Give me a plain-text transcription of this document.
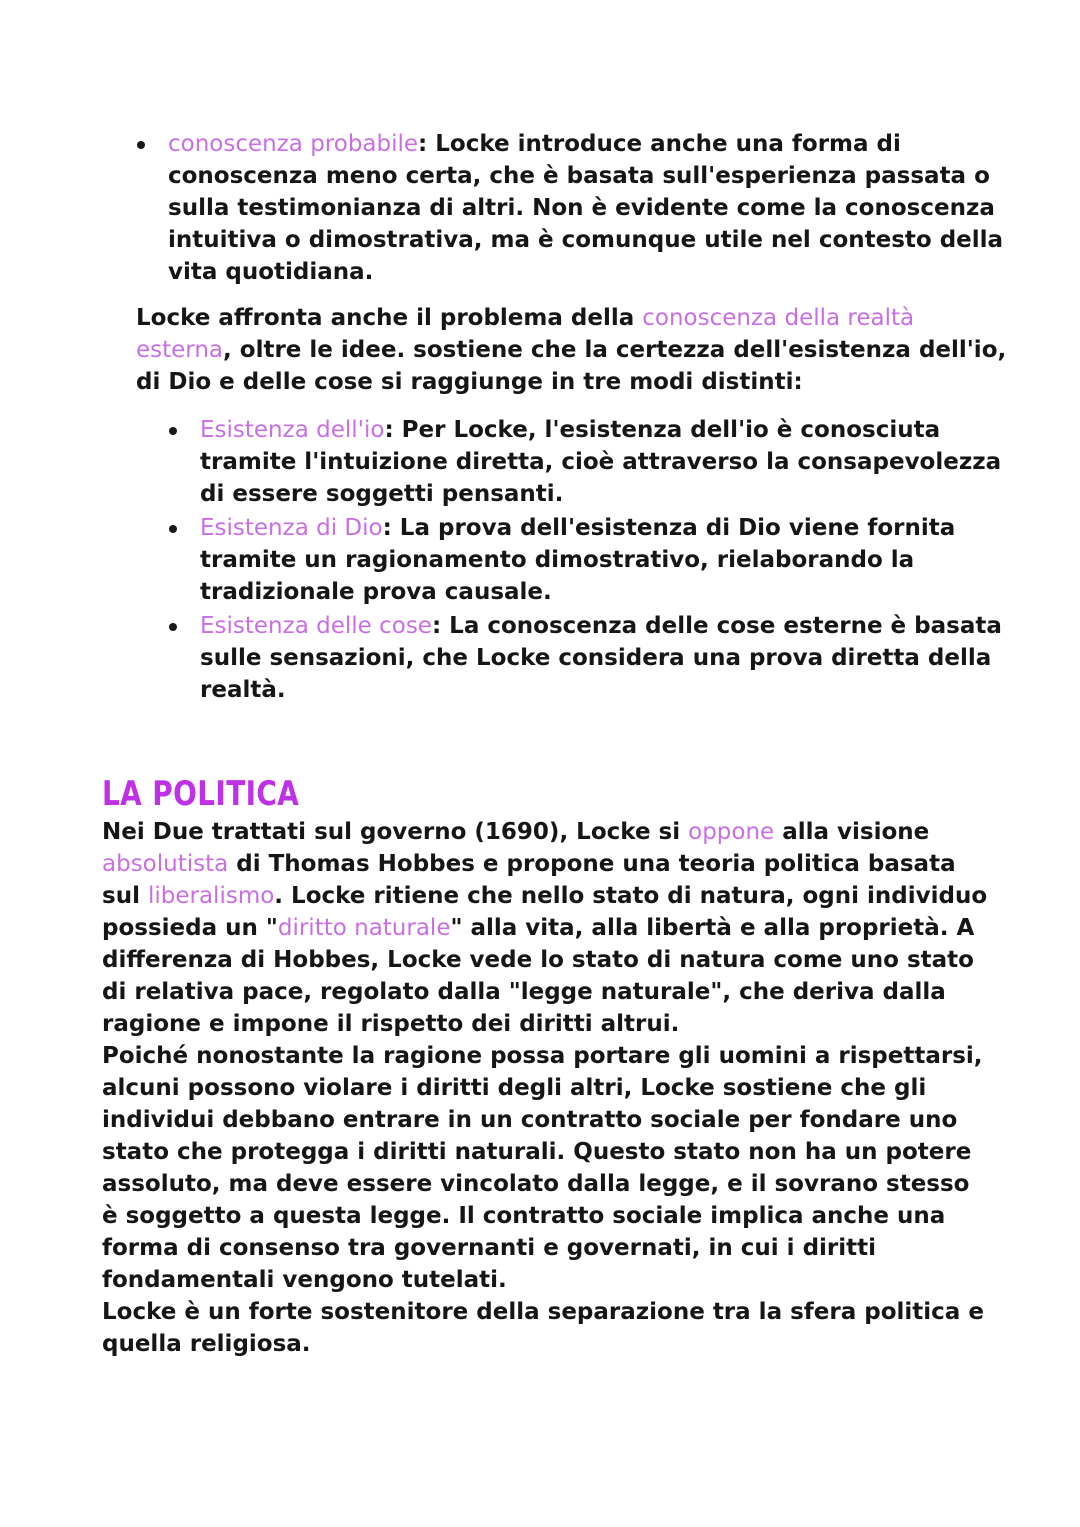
conoscenza probabile: Locke introduce anche una forma di conoscenza meno certa, che è basata sull'esperienza passata o sulla testimonianza di altri. Non è evidente come la conoscenza intuitiva o dimostrativa, ma è comunque utile nel contesto della vita quotidiana.

Locke affronta anche il problema della conoscenza della realtà esterna, oltre le idee. sostiene che la certezza dell'esistenza dell'io, di Dio e delle cose si raggiunge in tre modi distinti:

Esistenza dell'io: Per Locke, l'esistenza dell'io è conosciuta tramite l'intuizione diretta, cioè attraverso la consapevolezza di essere soggetti pensanti.
Esistenza di Dio: La prova dell'esistenza di Dio viene fornita tramite un ragionamento dimostrativo, rielaborando la tradizionale prova causale.
Esistenza delle cose: La conoscenza delle cose esterne è basata sulle sensazioni, che Locke considera una prova diretta della realtà.
LA POLITICA

Nei Due trattati sul governo (1690), Locke si oppone alla visione absolutista di Thomas Hobbes e propone una teoria politica basata sul liberalismo. Locke ritiene che nello stato di natura, ogni individuo possieda un "diritto naturale" alla vita, alla libertà e alla proprietà. A differenza di Hobbes, Locke vede lo stato di natura come uno stato di relativa pace, regolato dalla "legge naturale", che deriva dalla ragione e impone il rispetto dei diritti altrui.

Poiché nonostante la ragione possa portare gli uomini a rispettarsi, alcuni possono violare i diritti degli altri, Locke sostiene che gli individui debbano entrare in un contratto sociale per fondare uno stato che protegga i diritti naturali. Questo stato non ha un potere assoluto, ma deve essere vincolato dalla legge, e il sovrano stesso è soggetto a questa legge. Il contratto sociale implica anche una forma di consenso tra governanti e governati, in cui i diritti fondamentali vengono tutelati.

Locke è un forte sostenitore della separazione tra la sfera politica e quella religiosa.
